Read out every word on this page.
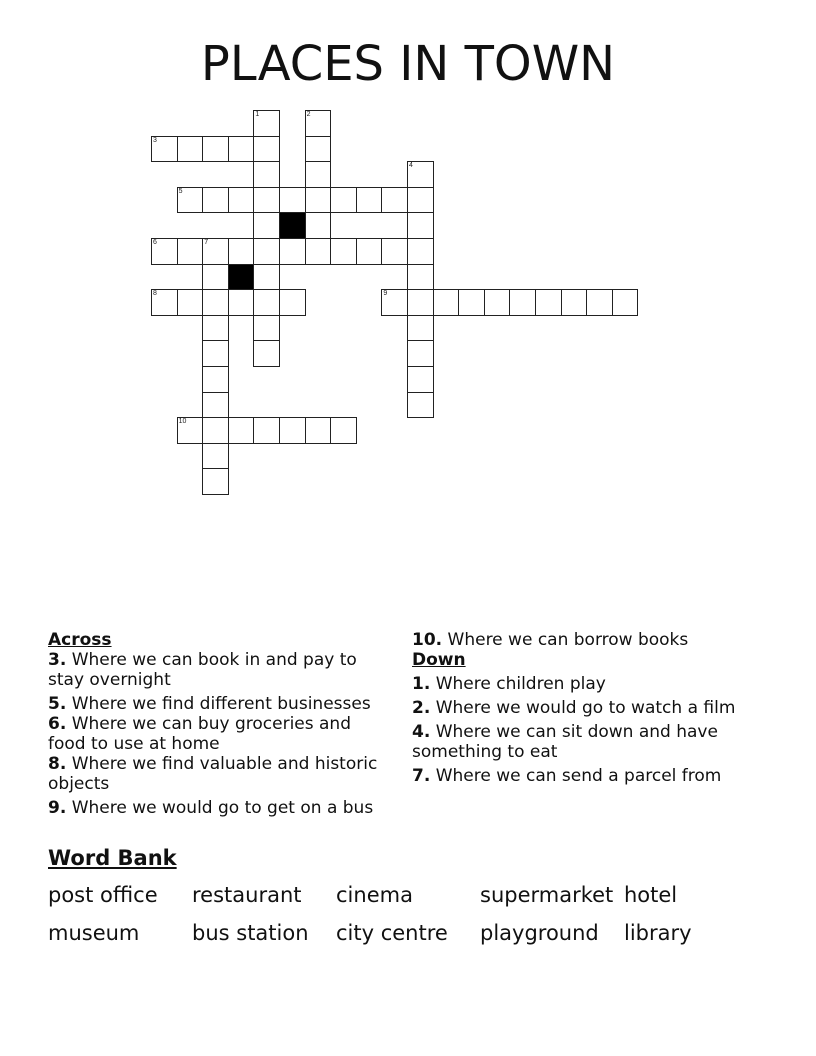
PLACES IN TOWN
1	2
3
4
5
6	7
8	9
10
Across
3. Where we can book in and pay to stay overnight
5. Where we find different businesses
6. Where we can buy groceries and food to use at home
8. Where we find valuable and historic objects
9. Where we would go to get on a bus
10. Where we can borrow books
Down
1. Where children play
2. Where we would go to watch a film
4. Where we can sit down and have something to eat
7. Where we can send a parcel from
Word Bank
post office	restaurant	cinema	supermarket hotel
museum	bus station	city centre	playground	library
